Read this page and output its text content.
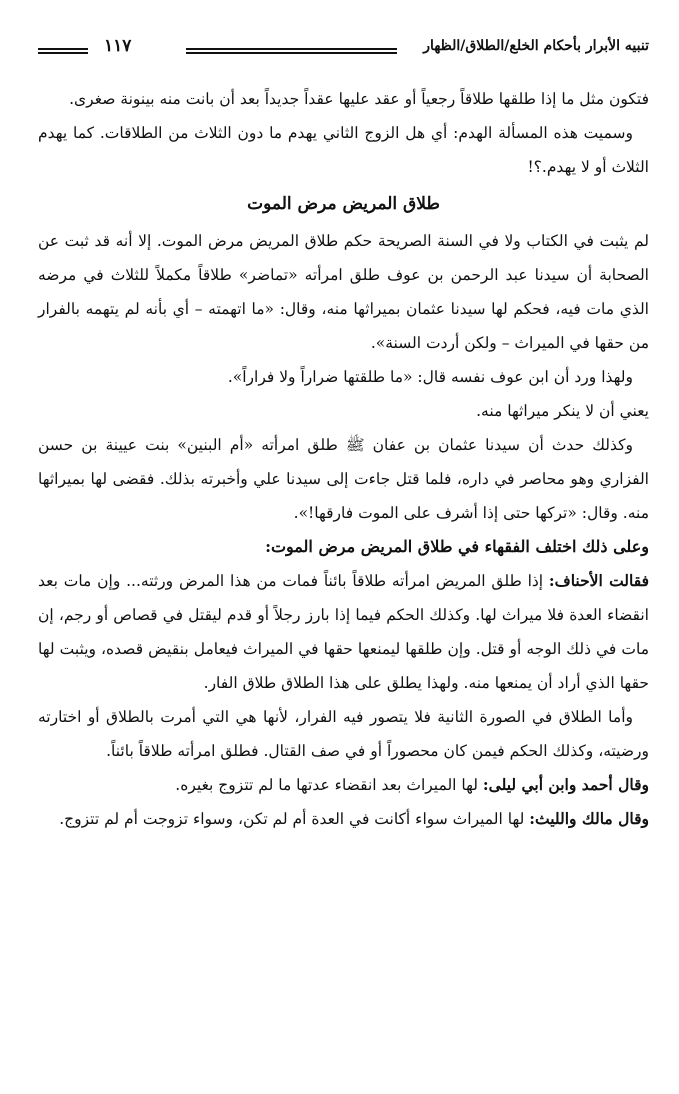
تنبيه الأبرار بأحكام الخلع/الطلاق/الظهار
١١٧

فتكون مثل ما إذا طلقها طلاقاً رجعياً أو عقد عليها عقداً جديداً بعد أن بانت منه بينونة صغرى.

وسميت هذه المسألة الهدم: أي هل الزوج الثاني يهدم ما دون الثلاث من الطلاقات. كما يهدم الثلاث أو لا يهدم.؟!

طلاق المريض مرض الموت

لم يثبت في الكتاب ولا في السنة الصريحة حكم طلاق المريض مرض الموت. إلا أنه قد ثبت عن الصحابة أن سيدنا عبد الرحمن بن عوف طلق امرأته «تماضر» طلاقاً مكملاً للثلاث في مرضه الذي مات فيه، فحكم لها سيدنا عثمان بميراثها منه، وقال: «ما اتهمته – أي بأنه لم يتهمه بالفرار من حقها في الميراث – ولكن أردت السنة».

ولهذا ورد أن ابن عوف نفسه قال: «ما طلقتها ضراراً ولا فراراً».

يعني أن لا ينكر ميراثها منه.

وكذلك حدث أن سيدنا عثمان بن عفان ﷺ طلق امرأته «أم البنين» بنت عيينة بن حسن الفزاري وهو محاصر في داره، فلما قتل جاءت إلى سيدنا علي وأخبرته بذلك. فقضى لها بميراثها منه. وقال: «تركها حتى إذا أشرف على الموت فارقها!».

وعلى ذلك اختلف الفقهاء في طلاق المريض مرض الموت:

فقالت الأحناف: إذا طلق المريض امرأته طلاقاً بائناً فمات من هذا المرض ورثته... وإن مات بعد انقضاء العدة فلا ميراث لها. وكذلك الحكم فيما إذا بارز رجلاً أو قدم ليقتل في قصاص أو رجم، إن مات في ذلك الوجه أو قتل. وإن طلقها ليمنعها حقها في الميراث فيعامل بنقيض قصده، ويثبت لها حقها الذي أراد أن يمنعها منه. ولهذا يطلق على هذا الطلاق طلاق الفار.

وأما الطلاق في الصورة الثانية فلا يتصور فيه الفرار، لأنها هي التي أمرت بالطلاق أو اختارته ورضيته، وكذلك الحكم فيمن كان محصوراً أو في صف القتال. فطلق امرأته طلاقاً بائناً.

وقال أحمد وابن أبي ليلى: لها الميراث بعد انقضاء عدتها ما لم تتزوج بغيره.

وقال مالك والليث: لها الميراث سواء أكانت في العدة أم لم تكن، وسواء تزوجت أم لم تتزوج.
